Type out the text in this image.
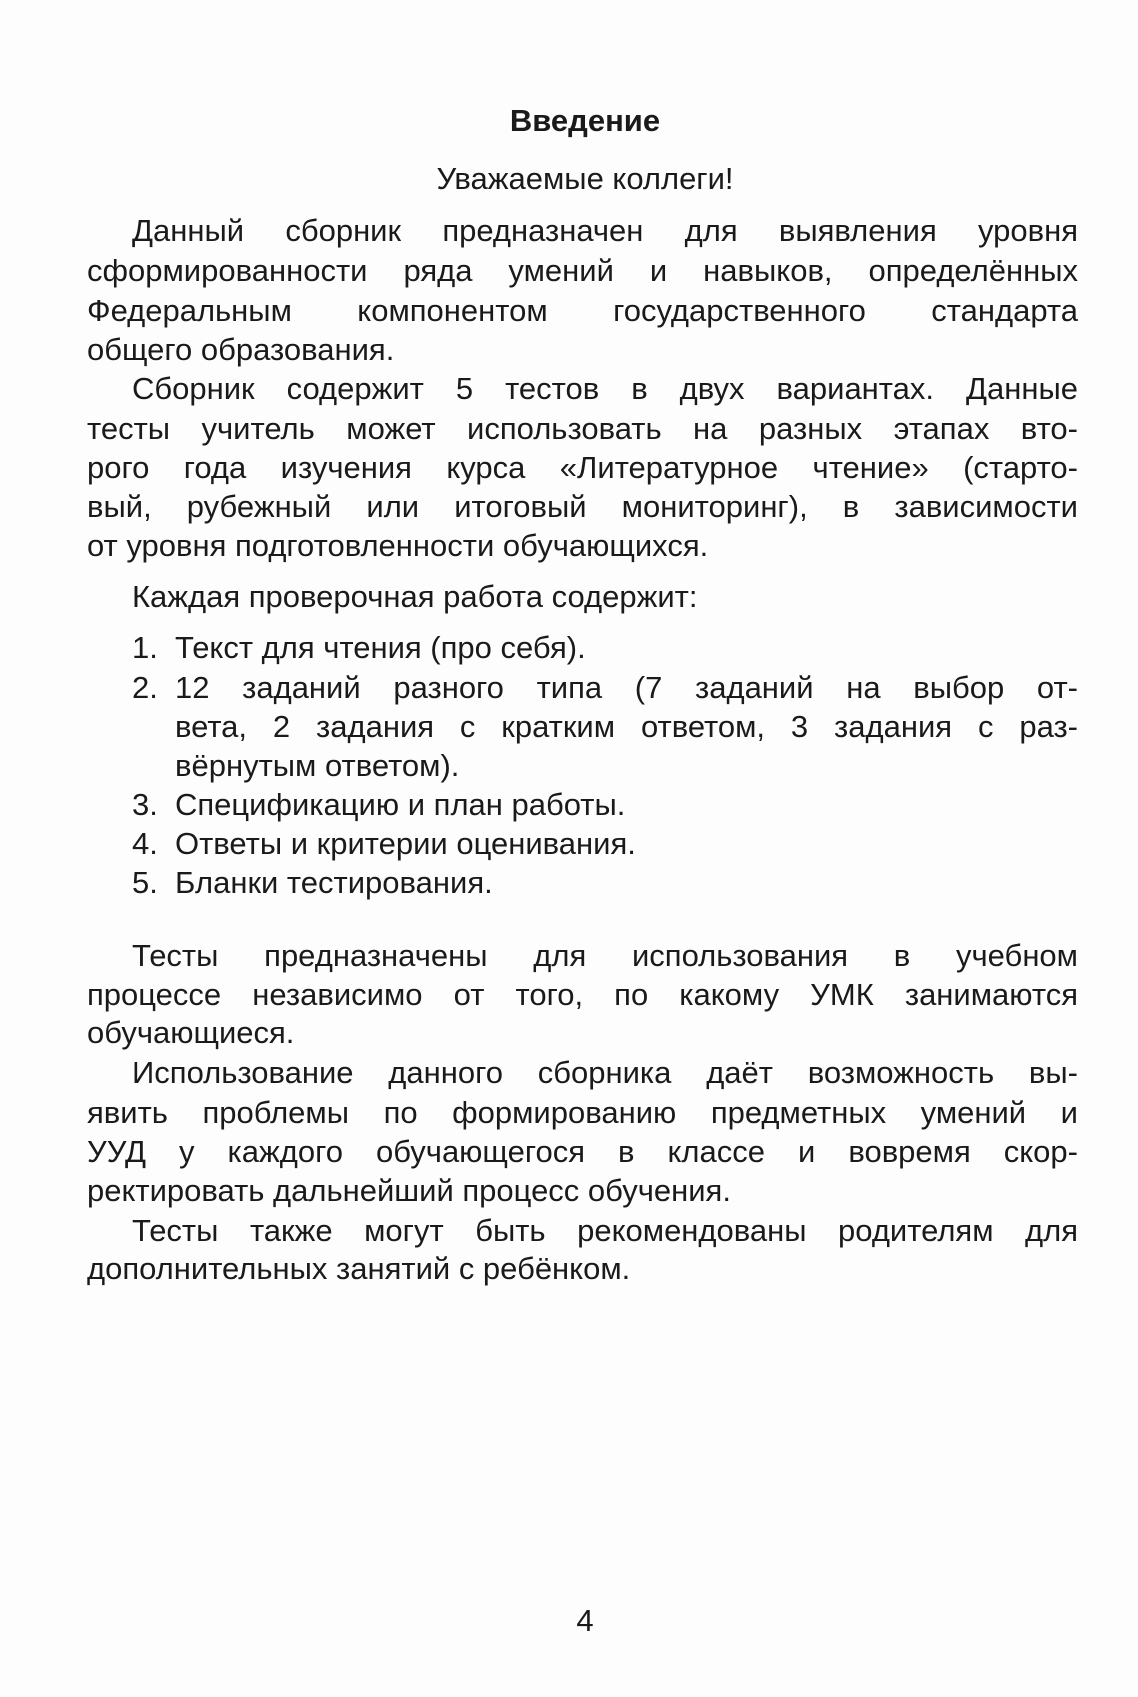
Введение
Уважаемые коллеги!
Данный сборник предназначен для выявления уровня
сформированности ряда умений и навыков, определённых
Федеральным компонентом государственного стандарта
общего образования.
Сборник содержит 5 тестов в двух вариантах. Данные
тесты учитель может использовать на разных этапах вто-
рого года изучения курса «Литературное чтение» (старто-
вый, рубежный или итоговый мониторинг), в зависимости
от уровня подготовленности обучающихся.
Каждая проверочная работа содержит:
1. Текст для чтения (про себя).
2. 12 заданий разного типа (7 заданий на выбор от-
вета, 2 задания с кратким ответом, 3 задания с раз-
вёрнутым ответом).
3. Спецификацию и план работы.
4. Ответы и критерии оценивания.
5. Бланки тестирования.
Тесты предназначены для использования в учебном
процессе независимо от того, по какому УМК занимаются
обучающиеся.
Использование данного сборника даёт возможность вы-
явить проблемы по формированию предметных умений и
УУД у каждого обучающегося в классе и вовремя скор-
ректировать дальнейший процесс обучения.
Тесты также могут быть рекомендованы родителям для
дополнительных занятий с ребёнком.
4
